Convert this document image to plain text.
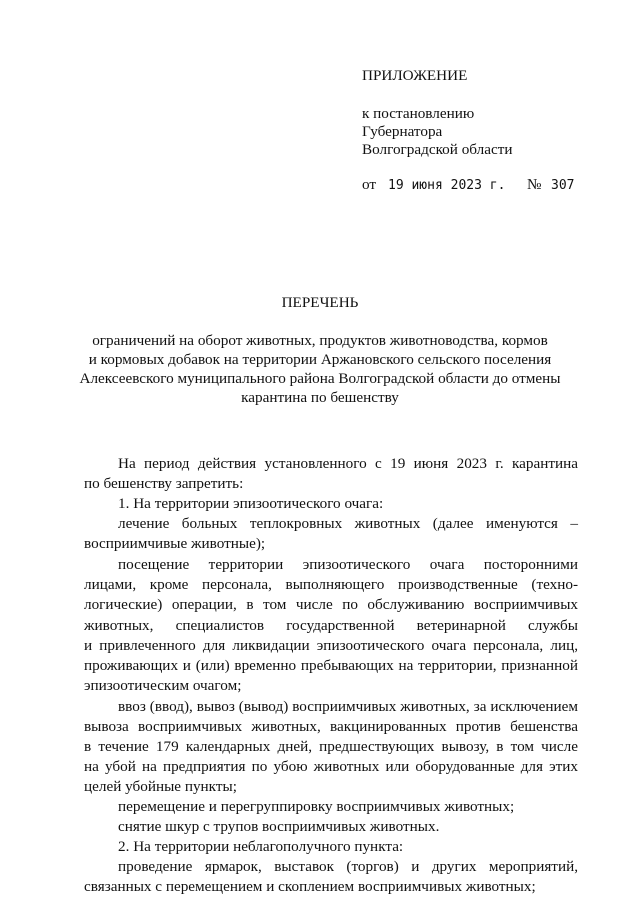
ПРИЛОЖЕНИЕ
к постановлению
Губернатора
Волгоградской области
от 19 июня 2023 г. № 307
ПЕРЕЧЕНЬ
ограничений на оборот животных, продуктов животноводства, кормов
и кормовых добавок на территории Аржановского сельского поселения
Алексеевского муниципального района Волгоградской области до отмены
карантина по бешенству
На период действия установленного с 19 июня 2023 г. карантина
по бешенству запретить:
1. На территории эпизоотического очага:
лечение больных теплокровных животных (далее именуются –
восприимчивые животные);
посещение территории эпизоотического очага посторонними
лицами, кроме персонала, выполняющего производственные (техно-
логические) операции, в том числе по обслуживанию восприимчивых
животных, специалистов государственной ветеринарной службы
и привлеченного для ликвидации эпизоотического очага персонала, лиц,
проживающих и (или) временно пребывающих на территории, признанной
эпизоотическим очагом;
ввоз (ввод), вывоз (вывод) восприимчивых животных, за исключением
вывоза восприимчивых животных, вакцинированных против бешенства
в течение 179 календарных дней, предшествующих вывозу, в том числе
на убой на предприятия по убою животных или оборудованные для этих
целей убойные пункты;
перемещение и перегруппировку восприимчивых животных;
снятие шкур с трупов восприимчивых животных.
2. На территории неблагополучного пункта:
проведение ярмарок, выставок (торгов) и других мероприятий,
связанных с перемещением и скоплением восприимчивых животных;
